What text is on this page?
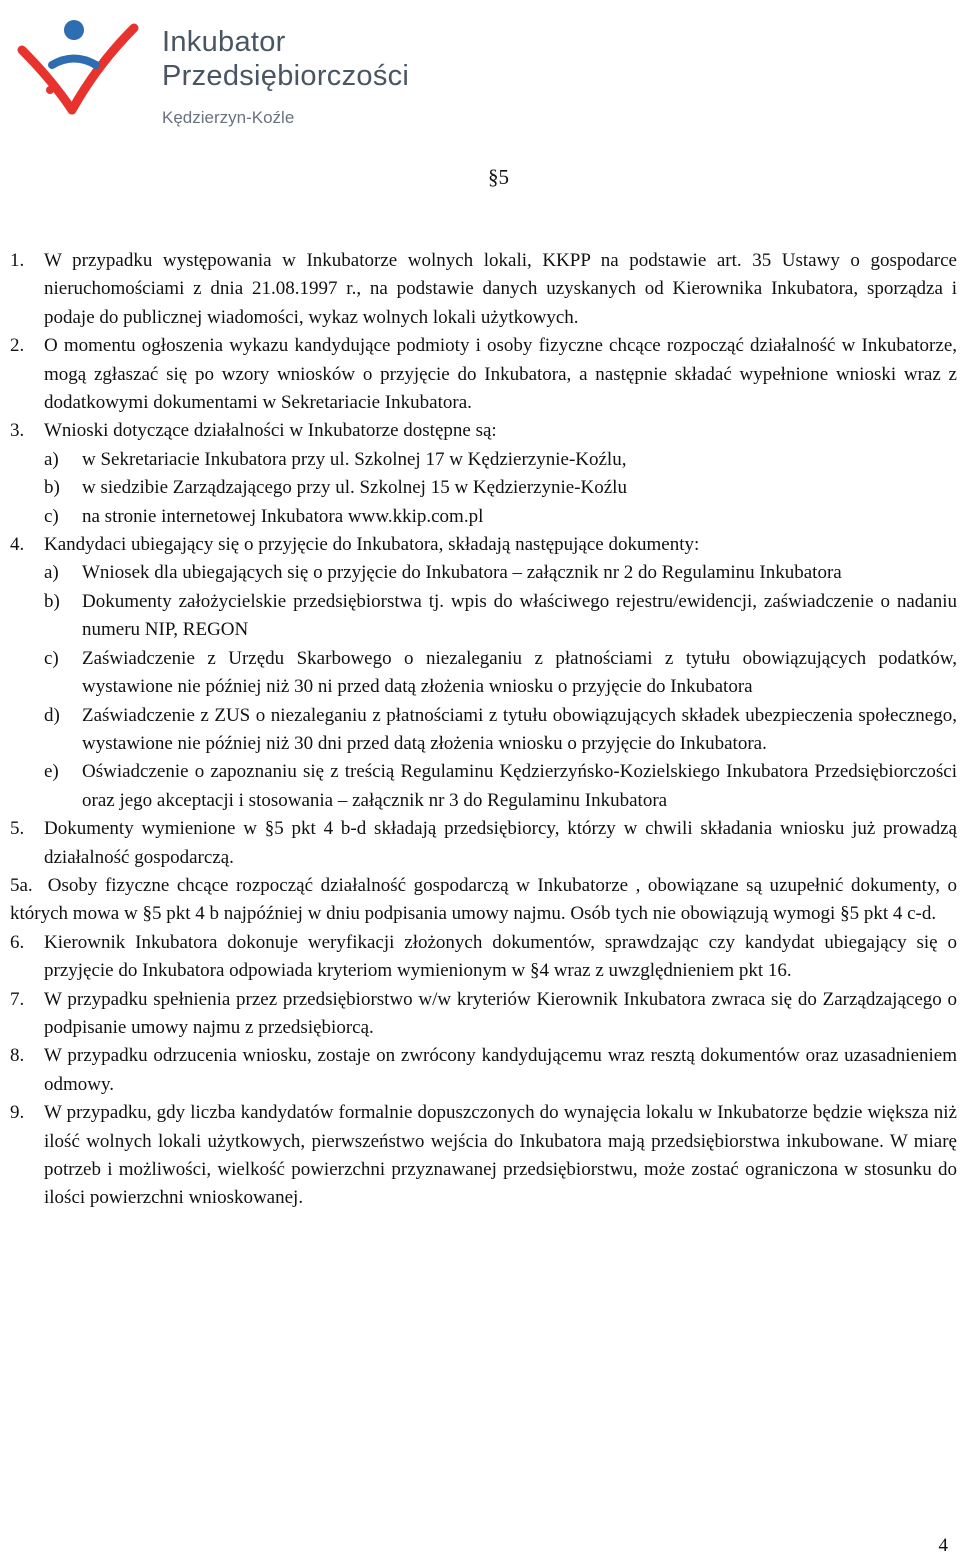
Inkubator
Przedsiębiorczości
Kędzierzyn-Koźle
§5

1. W przypadku występowania w Inkubatorze wolnych lokali, KKPP na podstawie art. 35 Ustawy o gospodarce nieruchomościami z dnia 21.08.1997 r., na podstawie danych uzyskanych od Kierownika Inkubatora, sporządza i podaje do publicznej wiadomości, wykaz wolnych lokali użytkowych.

2. O momentu ogłoszenia wykazu kandydujące podmioty i osoby fizyczne chcące rozpocząć działalność w Inkubatorze, mogą zgłaszać się po wzory wniosków o przyjęcie do Inkubatora, a następnie składać wypełnione wnioski wraz z dodatkowymi dokumentami w Sekretariacie Inkubatora.

3. Wnioski dotyczące działalności w Inkubatorze dostępne są:

a) w Sekretariacie Inkubatora przy ul. Szkolnej 17 w Kędzierzynie-Koźlu,

b) w siedzibie Zarządzającego przy ul. Szkolnej 15 w Kędzierzynie-Koźlu

c) na stronie internetowej Inkubatora www.kkip.com.pl

4. Kandydaci ubiegający się o przyjęcie do Inkubatora, składają następujące dokumenty:

a) Wniosek dla ubiegających się o przyjęcie do Inkubatora – załącznik nr 2 do Regulaminu Inkubatora

b) Dokumenty założycielskie przedsiębiorstwa tj. wpis do właściwego rejestru/ewidencji, zaświadczenie o nadaniu numeru NIP, REGON

c) Zaświadczenie z Urzędu Skarbowego o niezaleganiu z płatnościami z tytułu obowiązujących podatków, wystawione nie później niż 30 ni przed datą złożenia wniosku o przyjęcie do Inkubatora

d) Zaświadczenie z ZUS o niezaleganiu z płatnościami z tytułu obowiązujących składek ubezpieczenia społecznego, wystawione nie później niż 30 dni przed datą złożenia wniosku o przyjęcie do Inkubatora.

e) Oświadczenie o zapoznaniu się z treścią Regulaminu Kędzierzyńsko-Kozielskiego Inkubatora Przedsiębiorczości oraz jego akceptacji i stosowania – załącznik nr 3 do Regulaminu Inkubatora

5. Dokumenty wymienione w §5 pkt 4 b-d składają przedsiębiorcy, którzy w chwili składania wniosku już prowadzą działalność gospodarczą.

5a. Osoby fizyczne chcące rozpocząć działalność gospodarczą w Inkubatorze , obowiązane są uzupełnić dokumenty, o których mowa w §5 pkt 4 b najpóźniej w dniu podpisania umowy najmu. Osób tych nie obowiązują wymogi §5 pkt 4 c-d.

6. Kierownik Inkubatora dokonuje weryfikacji złożonych dokumentów, sprawdzając czy kandydat ubiegający się o przyjęcie do Inkubatora odpowiada kryteriom wymienionym w §4 wraz z uwzględnieniem pkt 16.

7. W przypadku spełnienia przez przedsiębiorstwo w/w kryteriów Kierownik Inkubatora zwraca się do Zarządzającego o podpisanie umowy najmu z przedsiębiorcą.

8. W przypadku odrzucenia wniosku, zostaje on zwrócony kandydującemu wraz resztą dokumentów oraz uzasadnieniem odmowy.

9. W przypadku, gdy liczba kandydatów formalnie dopuszczonych do wynajęcia lokalu w Inkubatorze będzie większa niż ilość wolnych lokali użytkowych, pierwszeństwo wejścia do Inkubatora mają przedsiębiorstwa inkubowane. W miarę potrzeb i możliwości, wielkość powierzchni przyznawanej przedsiębiorstwu, może zostać ograniczona w stosunku do ilości powierzchni wnioskowanej.

4
